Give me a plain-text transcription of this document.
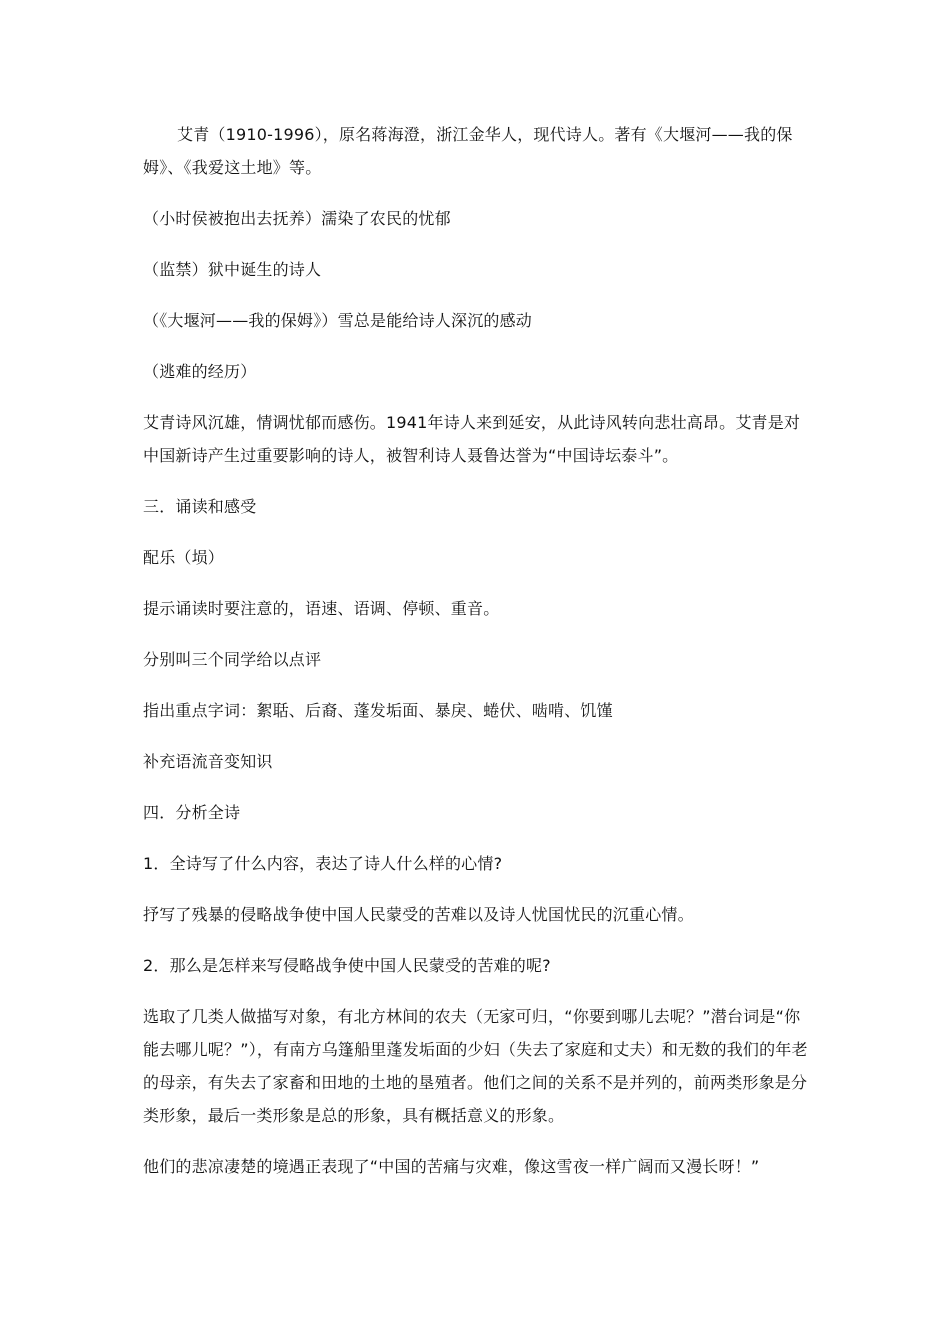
艾青（1910-1996），原名蒋海澄，浙江金华人，现代诗人。著有《大堰河——我的保姆》、《我爱这土地》等。

（小时侯被抱出去抚养）濡染了农民的忧郁

（监禁）狱中诞生的诗人

（《大堰河——我的保姆》）雪总是能给诗人深沉的感动

（逃难的经历）

艾青诗风沉雄，情调忧郁而感伤。1941年诗人来到延安，从此诗风转向悲壮高昂。艾青是对中国新诗产生过重要影响的诗人，被智利诗人聂鲁达誉为“中国诗坛泰斗”。

三．诵读和感受

配乐（埙）

提示诵读时要注意的，语速、语调、停顿、重音。

分别叫三个同学给以点评

指出重点字词：絮聒、后裔、蓬发垢面、暴戾、蜷伏、啮啃、饥馑

补充语流音变知识

四．分析全诗

1．全诗写了什么内容，表达了诗人什么样的心情?

抒写了残暴的侵略战争使中国人民蒙受的苦难以及诗人忧国忧民的沉重心情。

2．那么是怎样来写侵略战争使中国人民蒙受的苦难的呢?

选取了几类人做描写对象，有北方林间的农夫（无家可归，“你要到哪儿去呢？”潜台词是“你能去哪儿呢？”），有南方乌篷船里蓬发垢面的少妇（失去了家庭和丈夫）和无数的我们的年老的母亲，有失去了家畜和田地的土地的垦殖者。他们之间的关系不是并列的，前两类形象是分类形象，最后一类形象是总的形象，具有概括意义的形象。

他们的悲凉凄楚的境遇正表现了“中国的苦痛与灾难，像这雪夜一样广阔而又漫长呀！”
